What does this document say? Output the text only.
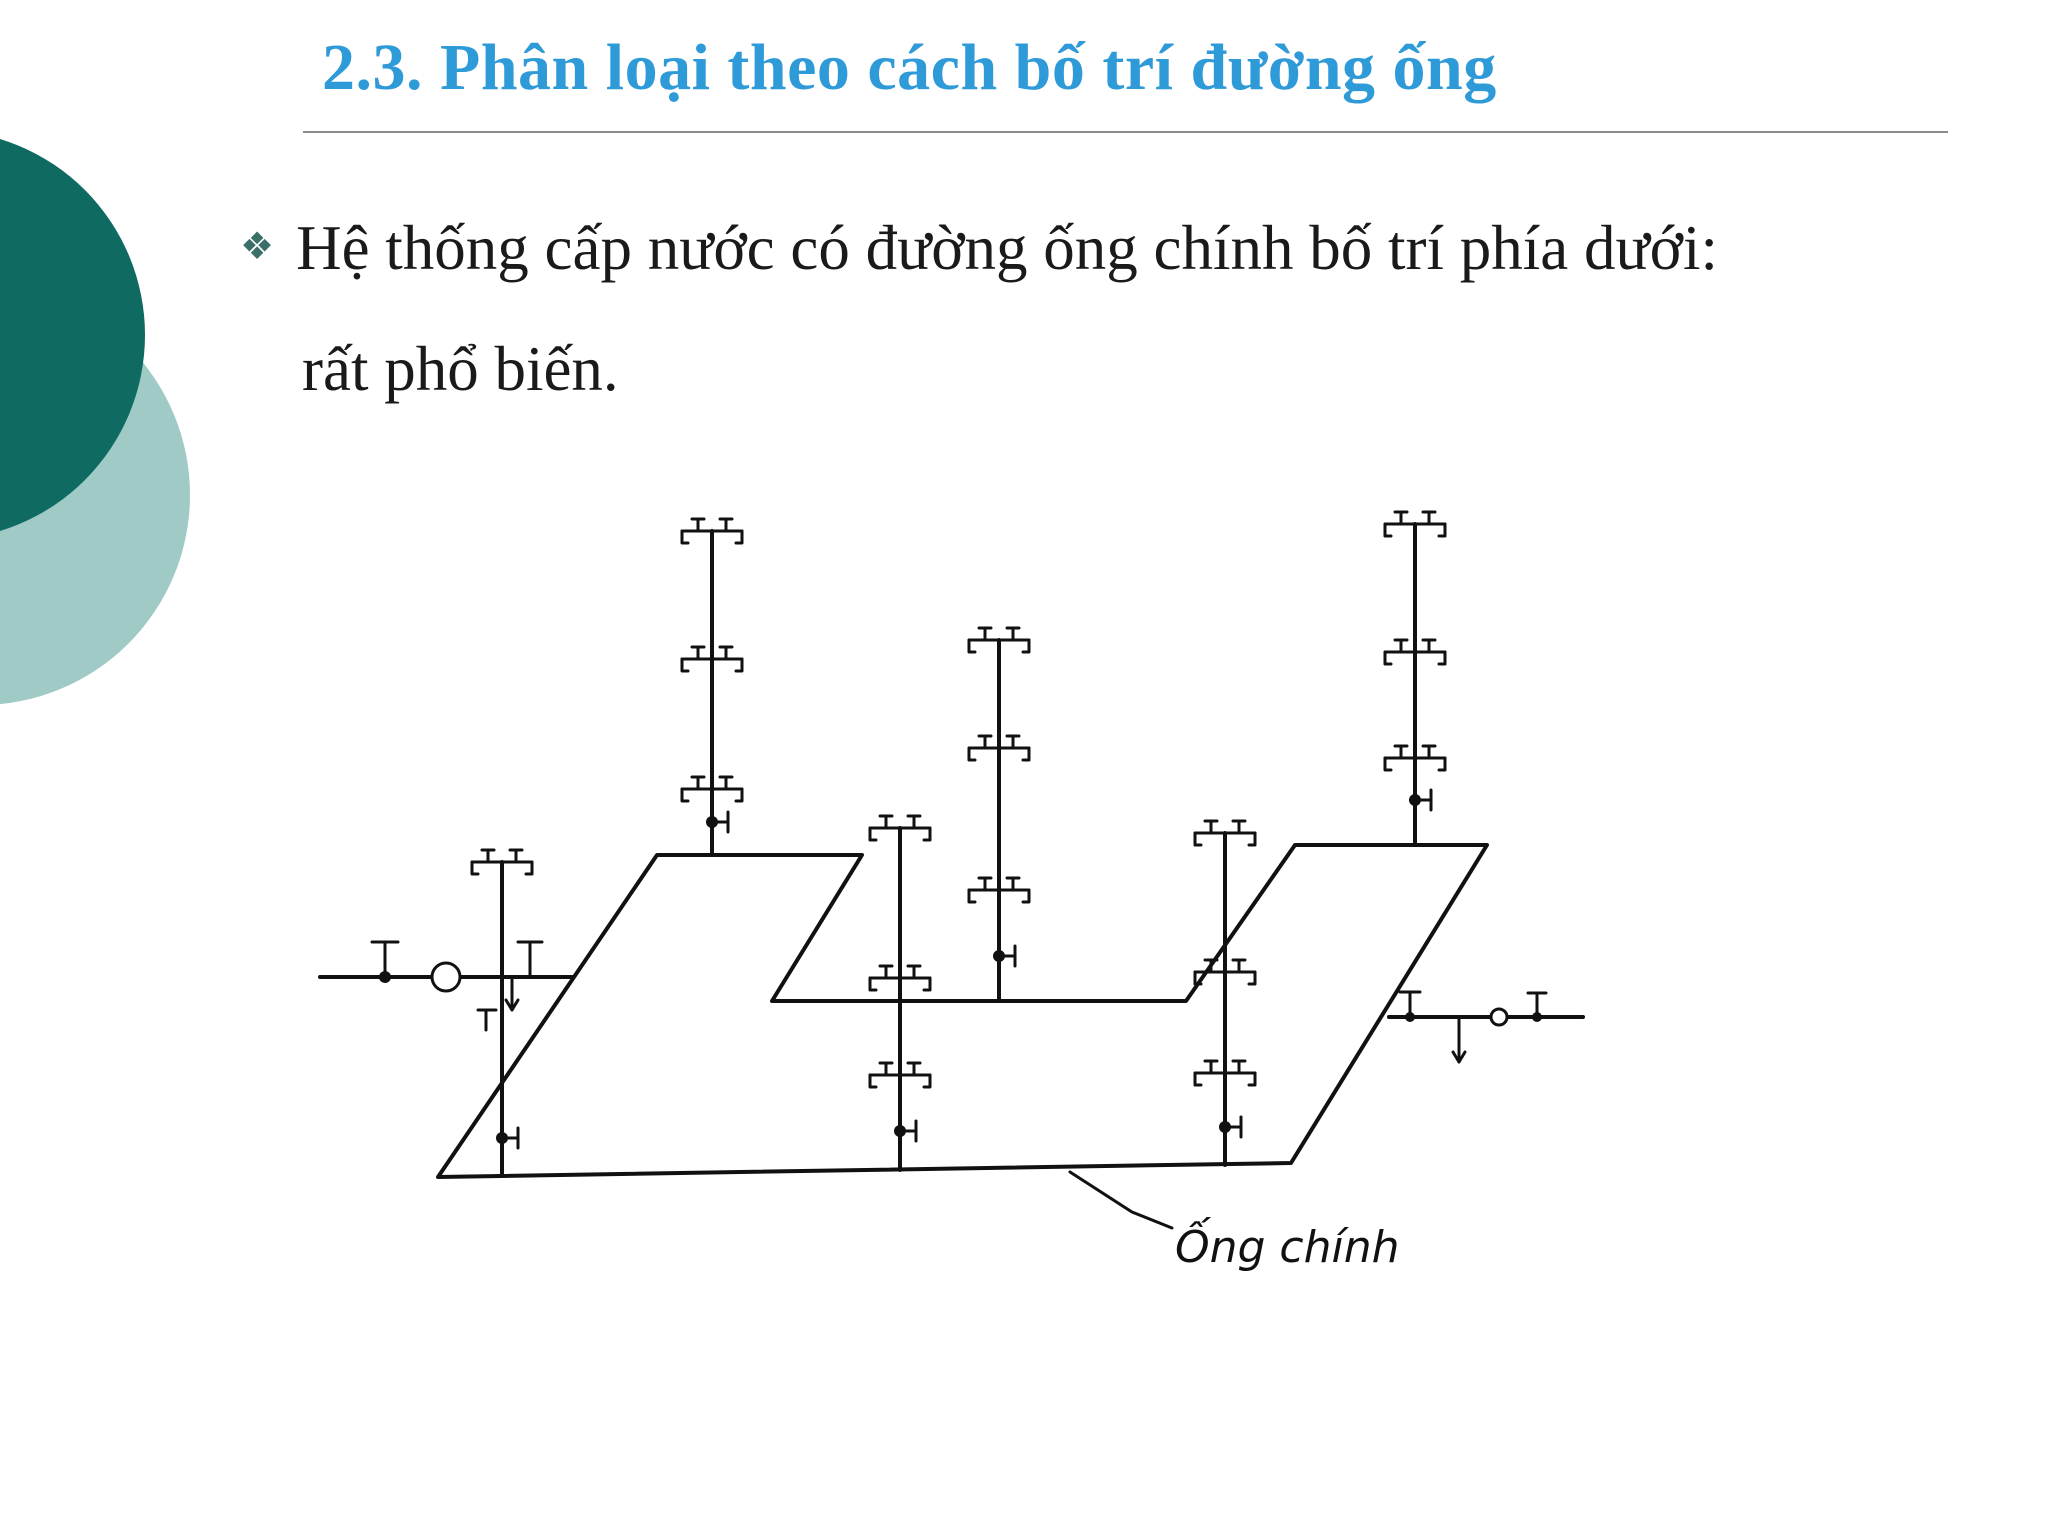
2.3. Phân loại theo cách bố trí đường ống
❖ Hệ thống cấp nước có đường ống chính bố trí phía dưới:
rất phổ biến.
Ống chính
